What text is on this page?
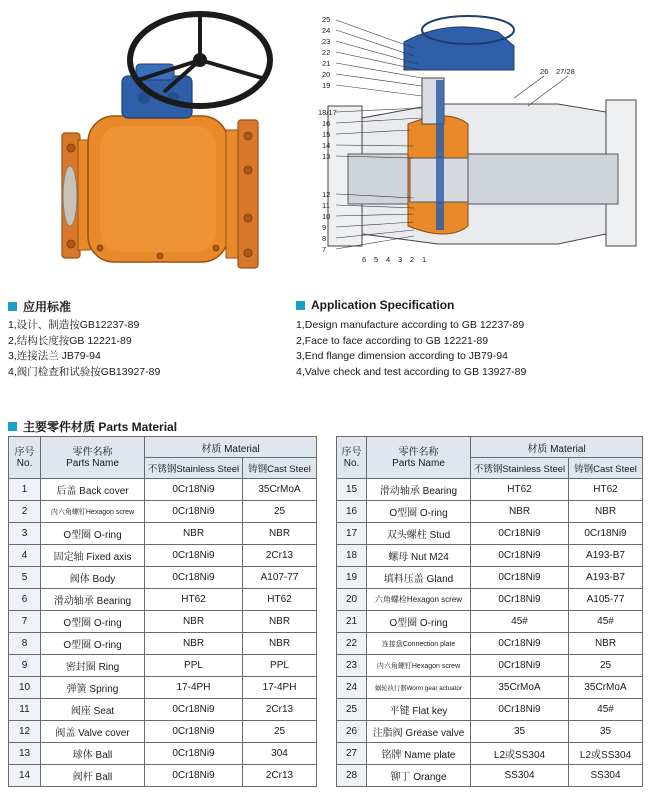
25
24
23
22
21
20
19
18/17
16
15
14
13
12
11
10
9
8
7
6 5 4 3 2 1
26 27/28
应用标准
1,设计、制造按GB12237-89
2,结构长度按GB 12221-89
3,连接法兰 JB79-94
4,阀门检查和试验按GB13927-89
Application Specification
1,Design manufacture according to GB 12237-89
2,Face to face according to GB 12221-89
3,End flange dimension according to JB79-94
4,Valve check and test according to GB 13927-89
主要零件材质 Parts Material
序号
No.	零件名称
Parts Name	材质 Material	
		不锈钢Stainless Steel	铸钢Cast Steel
1	后盖 Back cover	0Cr18Ni9	35CrMoA
2	内六角螺钉Hexagon screw	0Cr18Ni9	25
3	O型圈 O-ring	NBR	NBR
4	固定轴 Fixed axis	0Cr18Ni9	2Cr13
5	阀体 Body	0Cr18Ni9	A107-77
6	滑动轴承 Bearing	HT62	HT62
7	O型圈 O-ring	NBR	NBR
8	O型圈 O-ring	NBR	NBR
9	密封圈 Ring	PPL	PPL
10	弹簧 Spring	17-4PH	17-4PH
11	阀座 Seat	0Cr18Ni9	2Cr13
12	阀盖 Valve cover	0Cr18Ni9	25
13	球体 Ball	0Cr18Ni9	304
14	阀杆 Ball	0Cr18Ni9	2Cr13
序号
No.	零件名称
Parts Name	材质 Material	
		不锈钢Stainless Steel	铸钢Cast Steel
15	滑动轴承 Bearing	HT62	HT62
16	O型圈 O-ring	NBR	NBR
17	双头螺柱 Stud	0Cr18Ni9	0Cr18Ni9
18	螺母 Nut M24	0Cr18Ni9	A193-B7
19	填料压盖 Gland	0Cr18Ni9	A193-B7
20	六角螺栓Hexagon screw	0Cr18Ni9	A105-77
21	O型圈 O-ring	45#	45#
22	连接盘Connection plate	0Cr18Ni9	NBR
23	内六角螺钉Hexagon screw	0Cr18Ni9	25
24	蜗轮执行器Worm gear actuator	35CrMoA	35CrMoA
25	平键 Flat key	0Cr18Ni9	45#
26	注脂阀 Grease valve	35	35
27	铭牌 Name plate	L2或SS304	L2或SS304
28	铆丁 Orange	SS304	SS304
